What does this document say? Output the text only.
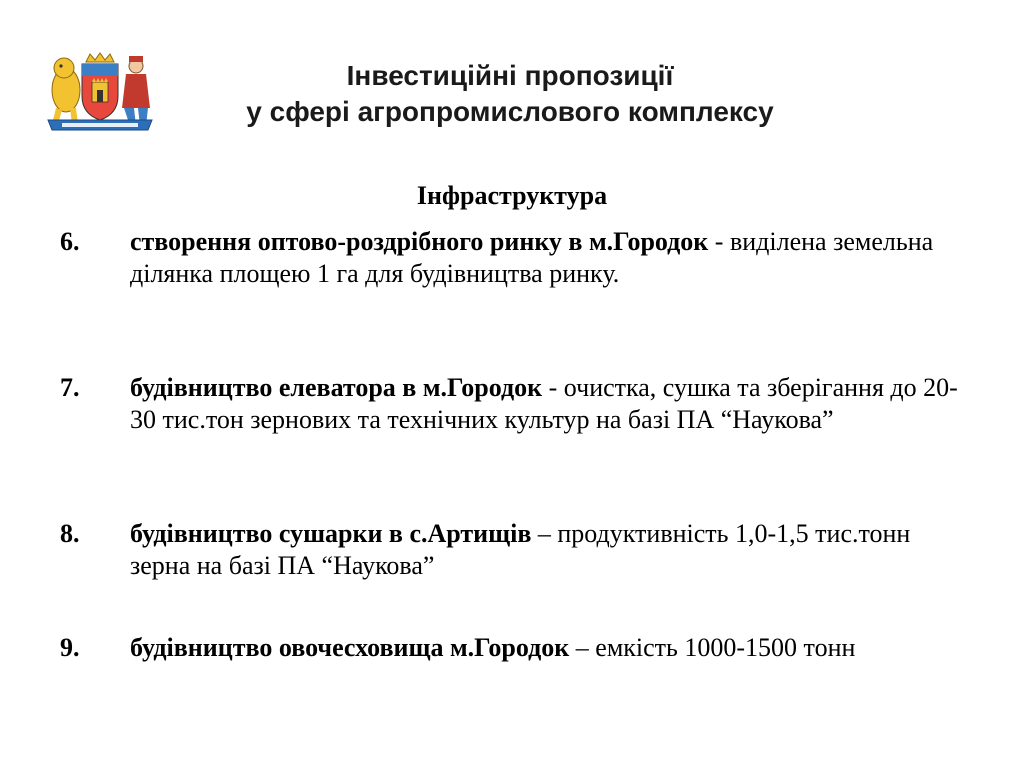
Інвестиційні пропозиції
у сфері агропромислового комплексу
Інфраструктура
6. створення оптово-роздрібного ринку в м.Городок - виділена земельна ділянка площею 1 га для будівництва ринку.
7. будівництво елеватора в м.Городок - очистка, сушка та зберігання до 20-30 тис.тон зернових та технічних культур на базі ПА “Наукова”
8. будівництво сушарки в с.Артищів – продуктивність 1,0-1,5 тис.тонн зерна на базі ПА “Наукова”
9. будівництво овочесховища м.Городок – емкість 1000-1500 тонн
